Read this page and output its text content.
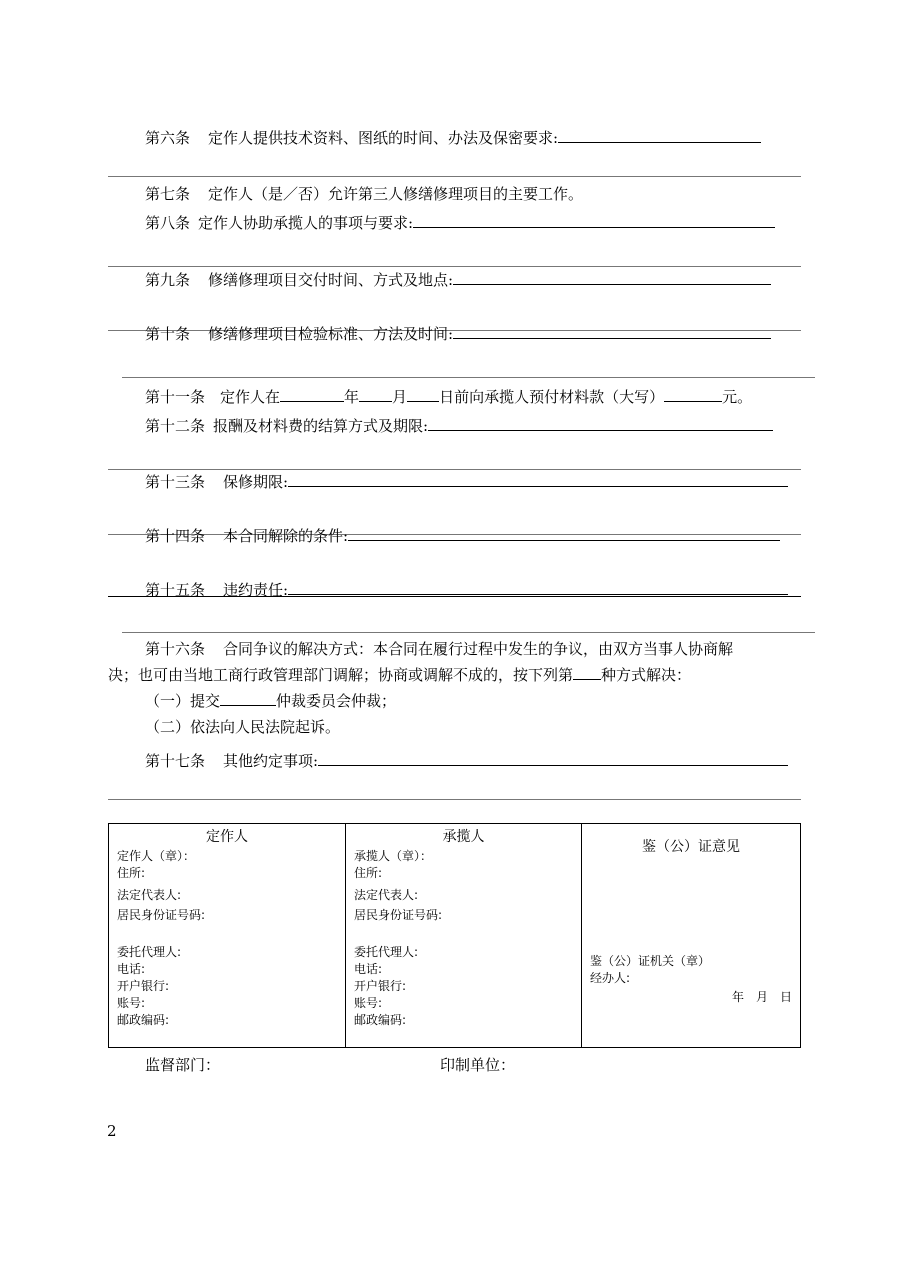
第六条 定作人提供技术资料、图纸的时间、办法及保密要求:
第七条 定作人（是／否）允许第三人修缮修理项目的主要工作。
第八条 定作人协助承揽人的事项与要求:
第九条 修缮修理项目交付时间、方式及地点:
第十条 修缮修理项目检验标准、方法及时间:
第十一条 定作人在	年 月 日前向承揽人预付材料款（大写）	元。
第十二条 报酬及材料费的结算方式及期限:
第十三条 保修期限:
第十四条 本合同解除的条件:
第十五条 违约责任:
第十六条 合同争议的解决方式：本合同在履行过程中发生的争议，由双方当事人协商解
决；也可由当地工商行政管理部门调解；协商或调解不成的，按下列第 种方式解决：
（一）提交	仲裁委员会仲裁；
（二）依法向人民法院起诉。
第十七条 其他约定事项:
定作人
定作人（章）：
住所:
法定代表人:
居民身份证号码:
委托代理人:
电话:
开户银行:
账号:
邮政编码:

承揽人
承揽人（章）：
住所:
法定代表人:
居民身份证号码:
委托代理人:
电话:
开户银行:
账号:
邮政编码:

鉴（公）证意见
鉴（公）证机关（章）
经办人:
年　月　日
监督部门：	印制单位：
2
